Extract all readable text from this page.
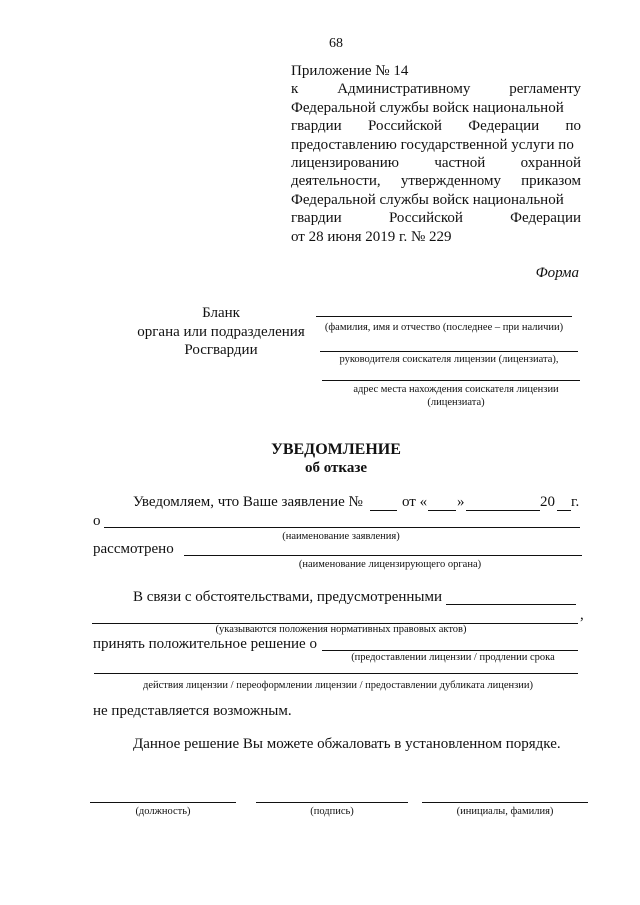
68
Приложение № 14
к	Административному	регламенту
Федеральной службы войск национальной
гвардии Российской Федерации по
предоставлению государственной услуги по
лицензированию частной охранной
деятельности, утвержденному приказом
Федеральной службы войск национальной
гвардии	Российской	Федерации
от 28 июня 2019 г. № 229
Форма
Бланк
органа или подразделения
Росгвардии
(фамилия, имя и отчество (последнее – при наличии)
руководителя соискателя лицензии (лицензиата),
адрес места нахождения соискателя лицензии
(лицензиата)
УВЕДОМЛЕНИЕ
об отказе
Уведомляем, что Ваше заявление №	от « »	20 г.
о
(наименование заявления)
рассмотрено
(наименование лицензирующего органа)
В связи с обстоятельствами, предусмотренными
,
(указываются положения нормативных правовых актов)
принять положительное решение о
(предоставлении лицензии / продлении срока
действия лицензии / переоформлении лицензии / предоставлении дубликата лицензии)
не представляется возможным.
Данное решение Вы можете обжаловать в установленном порядке.
(должность)	(подпись)	(инициалы, фамилия)
